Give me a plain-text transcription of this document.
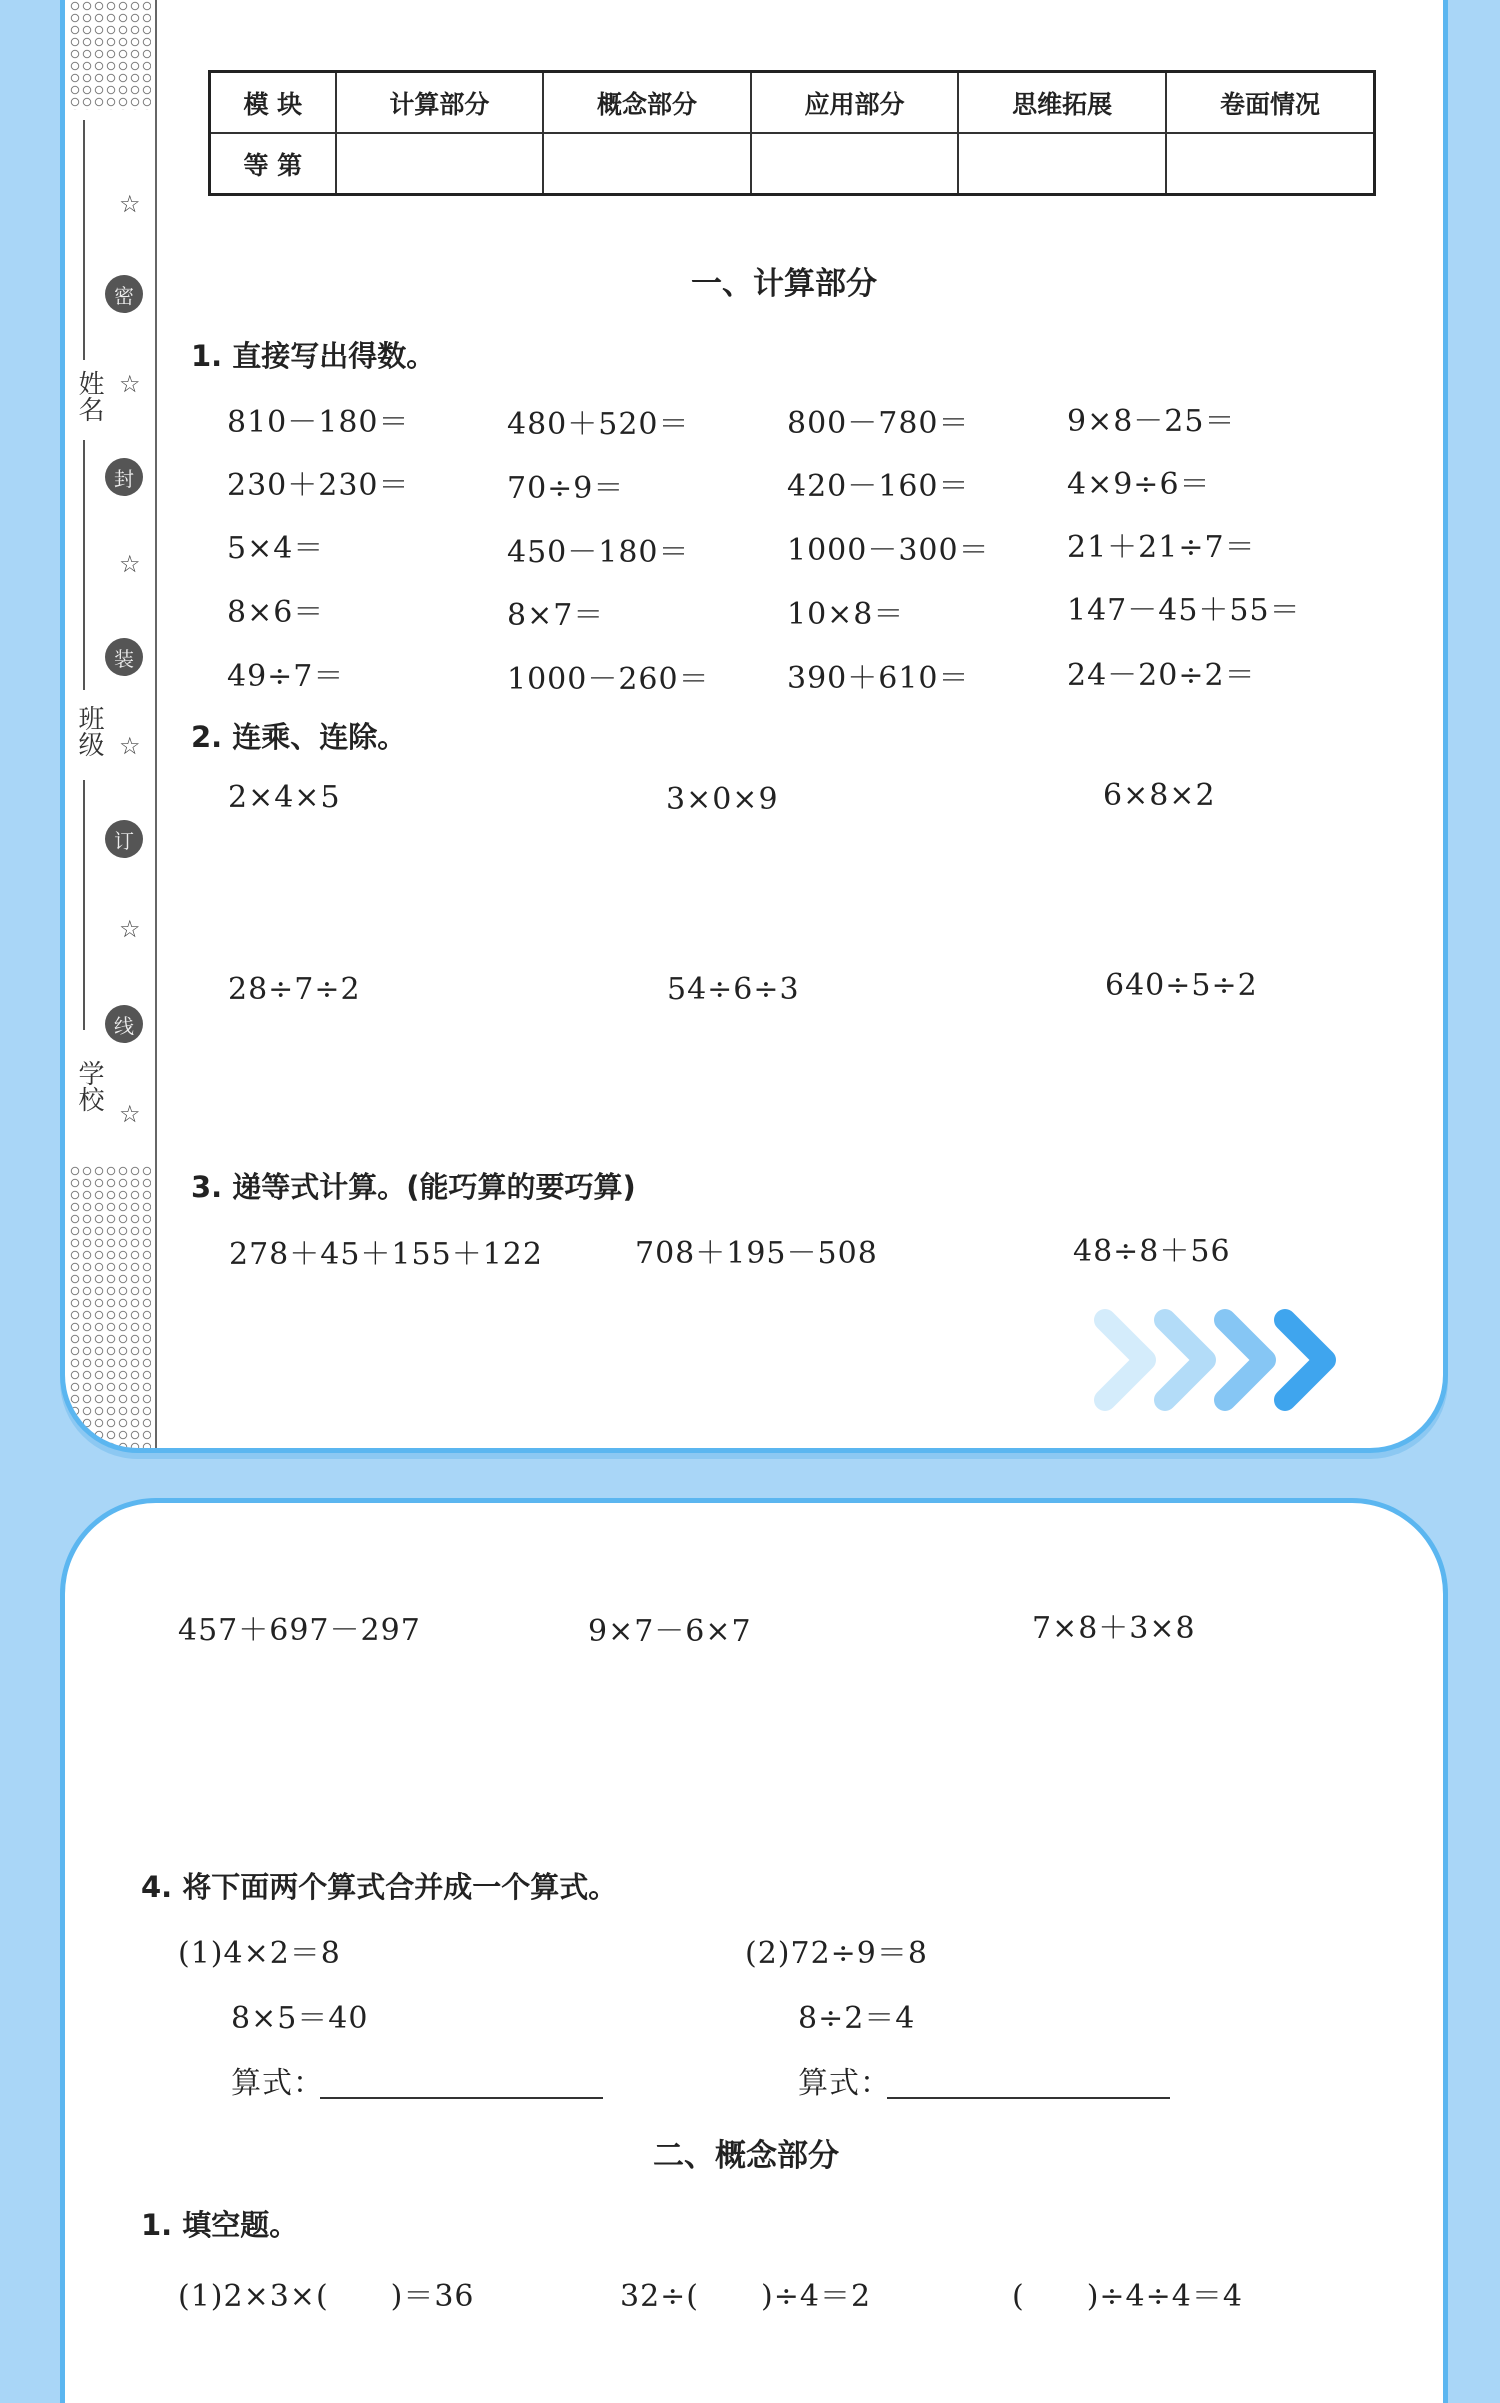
姓名
班级
学校
☆
密
☆
封
☆
装
☆
订
☆
线
☆
模 块	计算部分	概念部分	应用部分	思维拓展	卷面情况
等 第					
一、计算部分
1. 直接写出得数。
810－180＝	480＋520＝	800－780＝	9×8－25＝
230＋230＝	70÷9＝	420－160＝	4×9÷6＝
5×4＝	450－180＝	1000－300＝	21＋21÷7＝
8×6＝	8×7＝	10×8＝	147－45＋55＝
49÷7＝	1000－260＝	390＋610＝	24－20÷2＝
2. 连乘、连除。
2×4×5	3×0×9	6×8×2
28÷7÷2	54÷6÷3	640÷5÷2
3. 递等式计算。(能巧算的要巧算)
278＋45＋155＋122	708＋195－508	48÷8＋56
457＋697－297	9×7－6×7	7×8＋3×8
4. 将下面两个算式合并成一个算式。
(1)4×2＝8
8×5＝40
算式：
(2)72÷9＝8
8÷2＝4
算式：
二、概念部分
1. 填空题。
(1)2×3×(　　)＝36	32÷(　　)÷4＝2	(　　)÷4÷4＝4
